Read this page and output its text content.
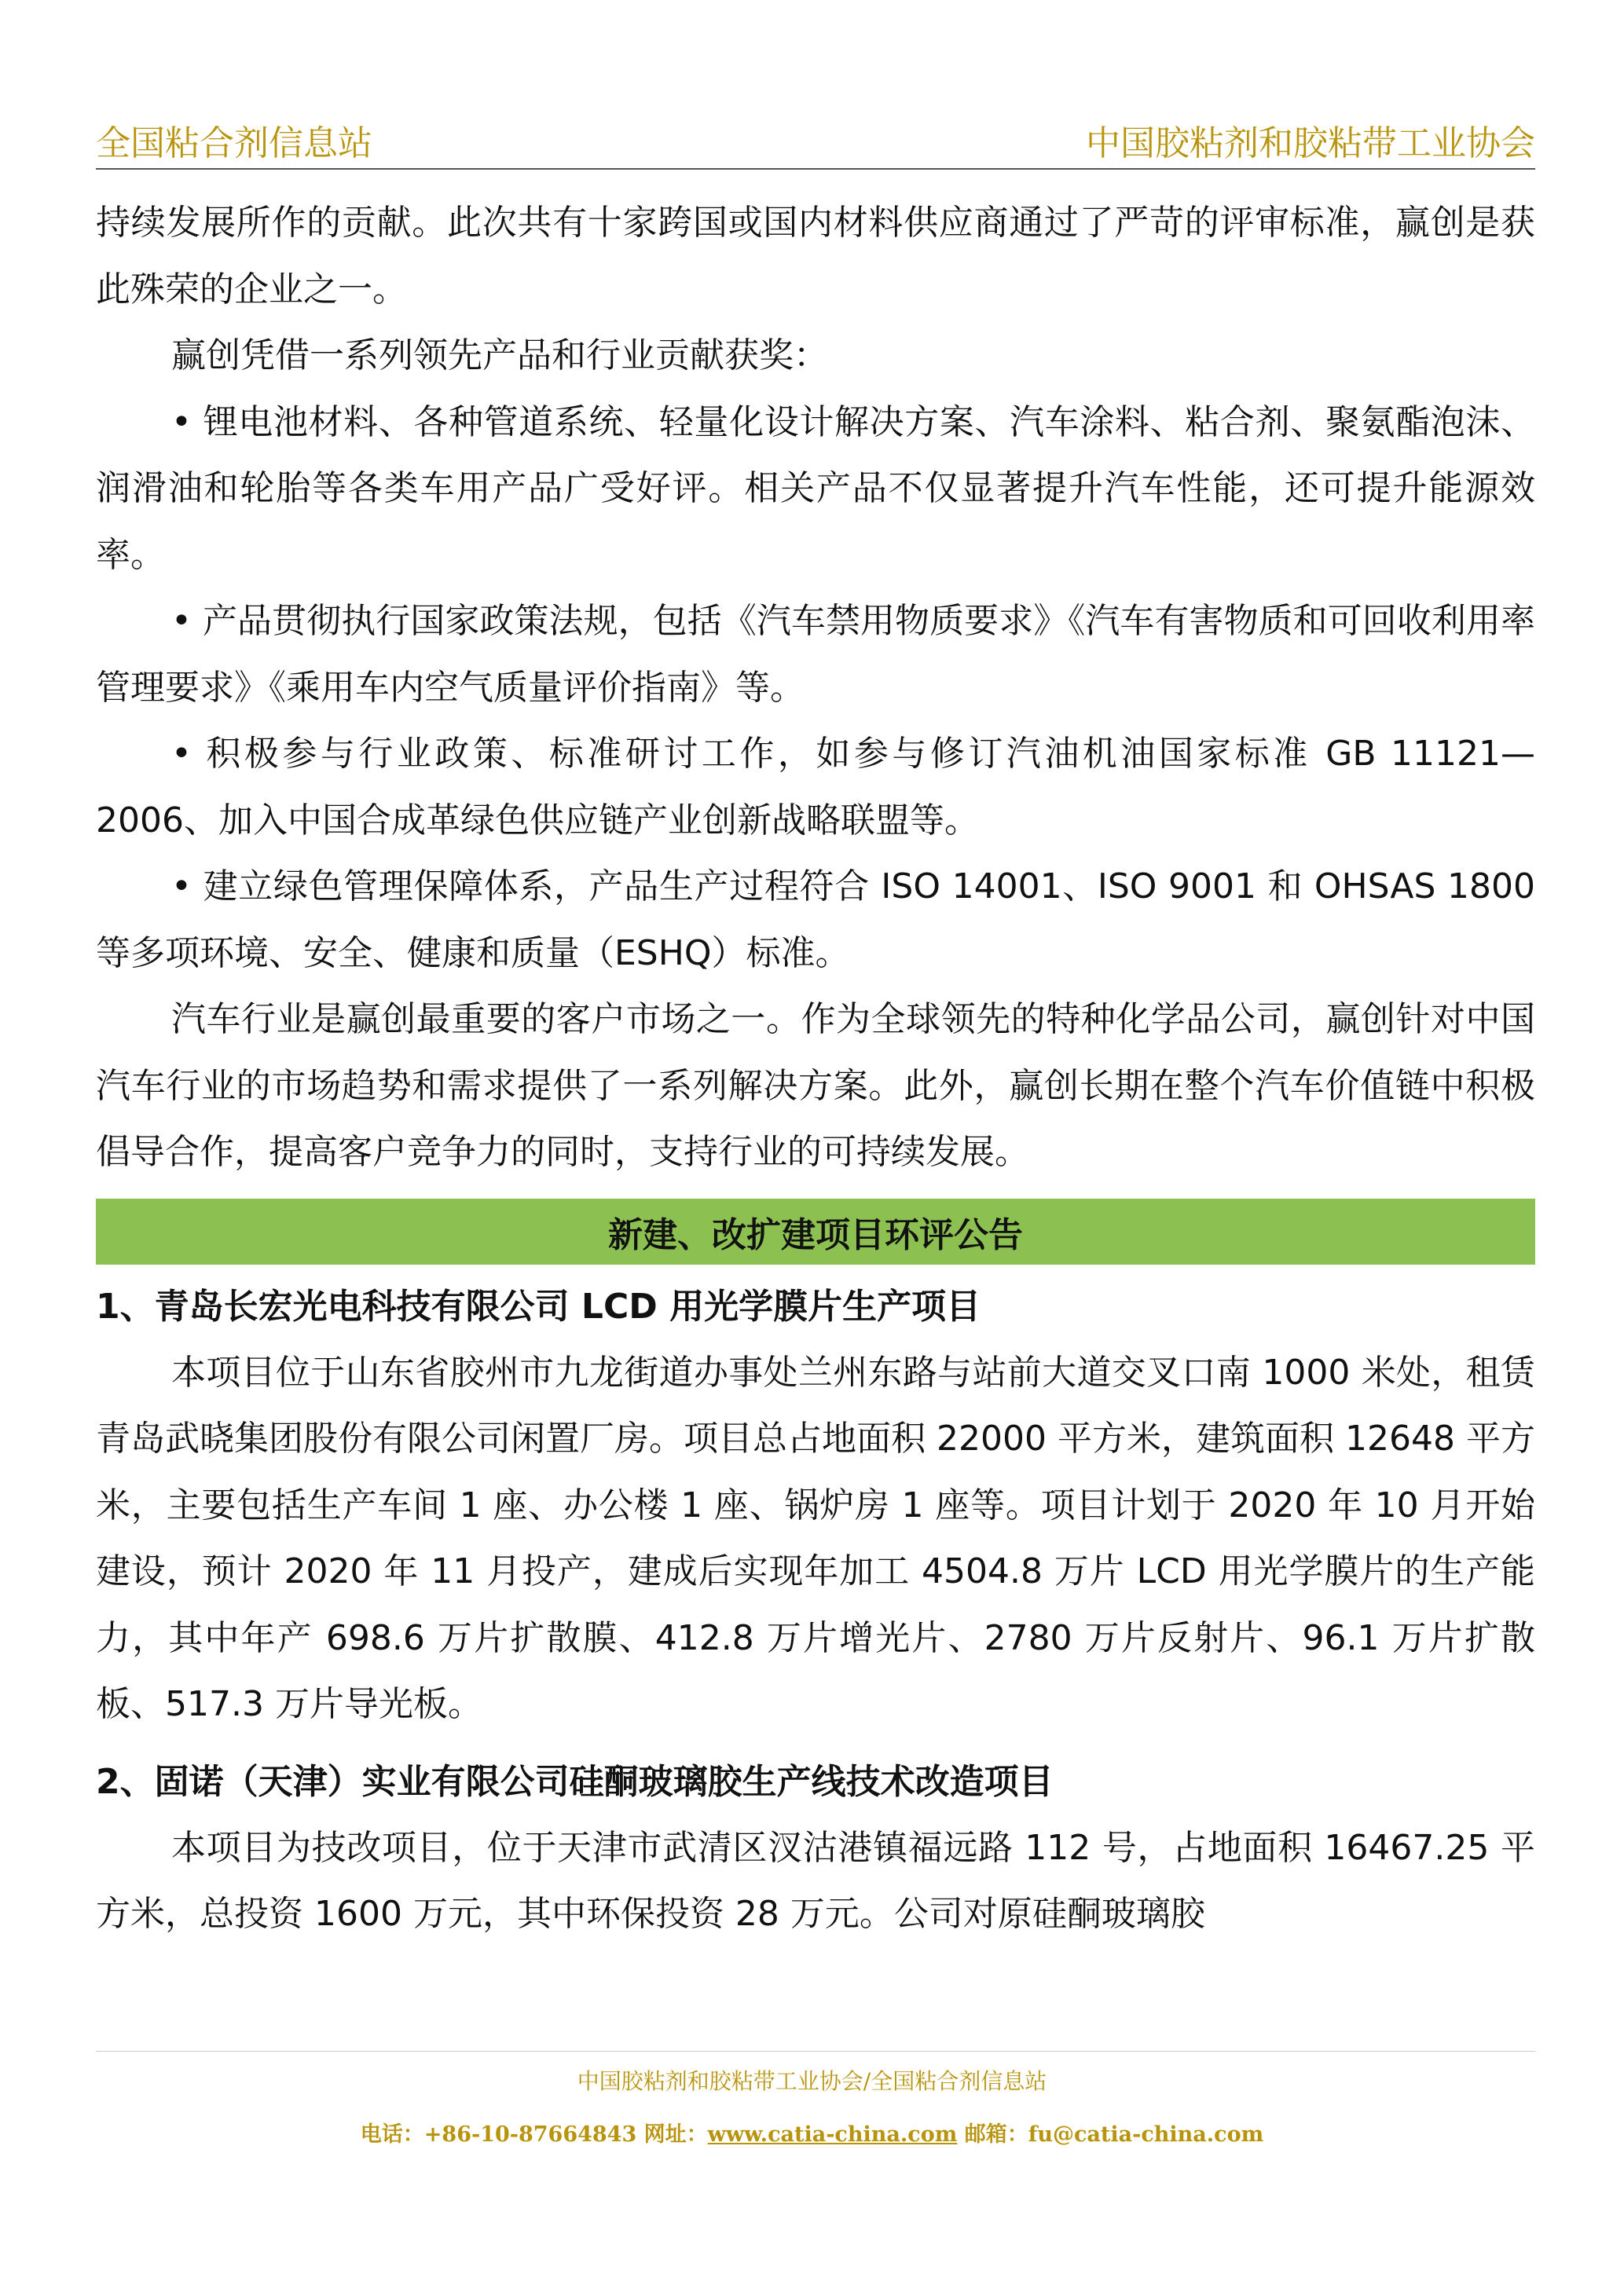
全国粘合剂信息站	中国胶粘剂和胶粘带工业协会

持续发展所作的贡献。此次共有十家跨国或国内材料供应商通过了严苛的评审标准，赢创是获此殊荣的企业之一。

赢创凭借一系列领先产品和行业贡献获奖：

• 锂电池材料、各种管道系统、轻量化设计解决方案、汽车涂料、粘合剂、聚氨酯泡沫、润滑油和轮胎等各类车用产品广受好评。相关产品不仅显著提升汽车性能，还可提升能源效率。

• 产品贯彻执行国家政策法规，包括《汽车禁用物质要求》《汽车有害物质和可回收利用率管理要求》《乘用车内空气质量评价指南》等。

• 积极参与行业政策、标准研讨工作，如参与修订汽油机油国家标准 GB 11121—2006、加入中国合成革绿色供应链产业创新战略联盟等。

• 建立绿色管理保障体系，产品生产过程符合 ISO 14001、ISO 9001 和 OHSAS 1800 等多项环境、安全、健康和质量（ESHQ）标准。

汽车行业是赢创最重要的客户市场之一。作为全球领先的特种化学品公司，赢创针对中国汽车行业的市场趋势和需求提供了一系列解决方案。此外，赢创长期在整个汽车价值链中积极倡导合作，提高客户竞争力的同时，支持行业的可持续发展。

新建、改扩建项目环评公告
1、青岛长宏光电科技有限公司 LCD 用光学膜片生产项目

本项目位于山东省胶州市九龙街道办事处兰州东路与站前大道交叉口南 1000 米处，租赁青岛武晓集团股份有限公司闲置厂房。项目总占地面积 22000 平方米，建筑面积 12648 平方米，主要包括生产车间 1 座、办公楼 1 座、锅炉房 1 座等。项目计划于 2020 年 10 月开始建设，预计 2020 年 11 月投产，建成后实现年加工 4504.8 万片 LCD 用光学膜片的生产能力，其中年产 698.6 万片扩散膜、412.8 万片增光片、2780 万片反射片、96.1 万片扩散板、517.3 万片导光板。

2、固诺（天津）实业有限公司硅酮玻璃胶生产线技术改造项目

本项目为技改项目，位于天津市武清区汊沽港镇福远路 112 号，占地面积 16467.25 平方米，总投资 1600 万元，其中环保投资 28 万元。公司对原硅酮玻璃胶

中国胶粘剂和胶粘带工业协会/全国粘合剂信息站
电话：+86-10-87664843 网址：www.catia-china.com 邮箱：fu@catia-china.com
